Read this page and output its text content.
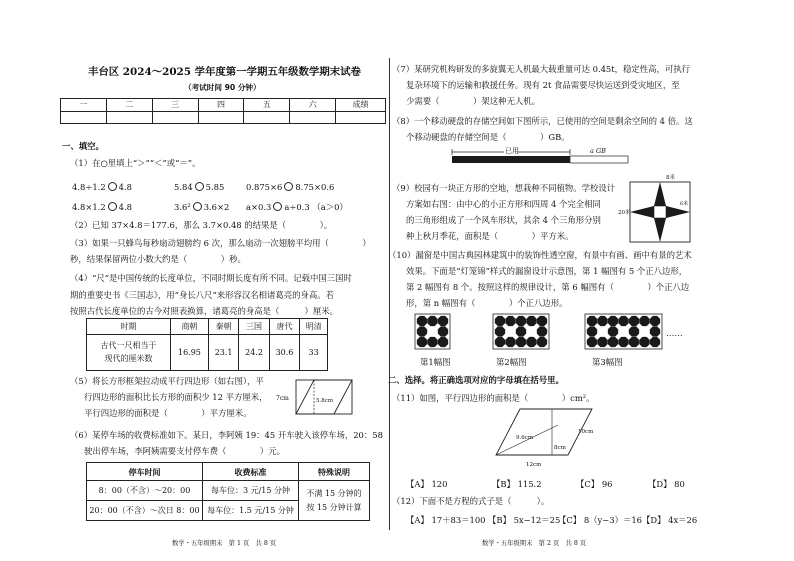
丰台区 2024～2025 学年度第一学期五年级数学期末试卷
（考试时间 90 分钟）
一	二	三	四	五	六	成绩

一、填空。
（1）在○里填上“＞”“＜”或“＝”。
4.8÷1.2 4.8	5.84 5.85	0.875×6 8.75×0.6
4.8×1.2 4.8	3.6² 3.6×2 a×0.3 a÷0.3 （a＞0）
（2）已知 37×4.8＝177.6，那么 3.7×0.48 的结果是（　　　　）。
（3）如果一只蜂鸟每秒扇动翅膀约 6 次，那么扇动一次翅膀平均用（　　　　）
秒，结果保留两位小数大约是（　　　　）秒。
（4）“尺”是中国传统的长度单位，不同时期长度有所不同。记载中国三国时
期的重要史书《三国志》，用“身长八尺”来形容汉名相诸葛亮的身高。若
按照古代长度单位的古今对照表换算，诸葛亮的身高是（　　　）厘米。
时期	商朝	秦朝	三国	唐代	明清

古代一尺相当于
现代的厘米数	16.95	23.1	24.2	30.6	33
（5）将长方形框架拉动成平行四边形（如右图），平
行四边形的面积比长方形的面积少 12 平方厘米，
平行四边形的面积是（　　　　）平方厘米。
7cm	5.8cm
（6）某停车场的收费标准如下。某日，李阿姨 19：45 开车驶入该停车场，20：58
驶出停车场，李阿姨需要支付停车费（　　　　）元。
停车时间	收费标准	特殊说明
8：00（不含）～20：00	每车位：3 元/15 分钟	不满 15 分钟的
按 15 分钟计算

20：00（不含）～次日 8：00	每车位：1.5 元/15 分钟	
（7）某研究机构研发的多旋翼无人机最大载重量可达 0.45t，稳定性高，可执行
复杂环境下的运输和救援任务。现有 2t 食品需要尽快运送到受灾地区，至
少需要（　　　　）架这种无人机。
（8）一个移动硬盘的存储空间如下图所示，已使用的空间是剩余空间的 4 倍。这
个移动硬盘的存储空间是（　　　　）GB。
已用	a GB
（9）校园有一块正方形的空地，想栽种不同植物。学校设计
方案如右图：由中心的小正方形和四周 4 个完全相同
的三角形组成了一个风车形状，其余 4 个三角形分别
种上秋月季花，面积是（　　　　）平方米。
8米
6米
20米
（10）漏窗是中国古典园林建筑中的装饰性透空窗，有景中有画、画中有景的艺术
效果。下面是“灯笼锦”样式的漏窗设计示意图，第 1 幅图有 5 个正八边形，
第 2 幅图有 8 个。按照这样的规律设计，第 6 幅图有（　　　　）个正八边
形，第 n 幅图有（　　　　）个正八边形。
第1幅图	第2幅图	第3幅图
……
二、选择。将正确选项对应的字母填在括号里。
（11）如图，平行四边形的面积是（　　　　）cm²。
9.6cm
10cm
8cm
12cm
【A】 120	【B】 115.2	【C】 96	【D】 80
（12）下面不是方程的式子是（　　　）。
【A】 17＋83＝100 【B】 5x−12＝25
【C】 8（y−3）＝16 【D】 4x＝26
数学・五年级期末　第 1 页　共 8 页	数学・五年级期末　第 2 页　共 8 页
